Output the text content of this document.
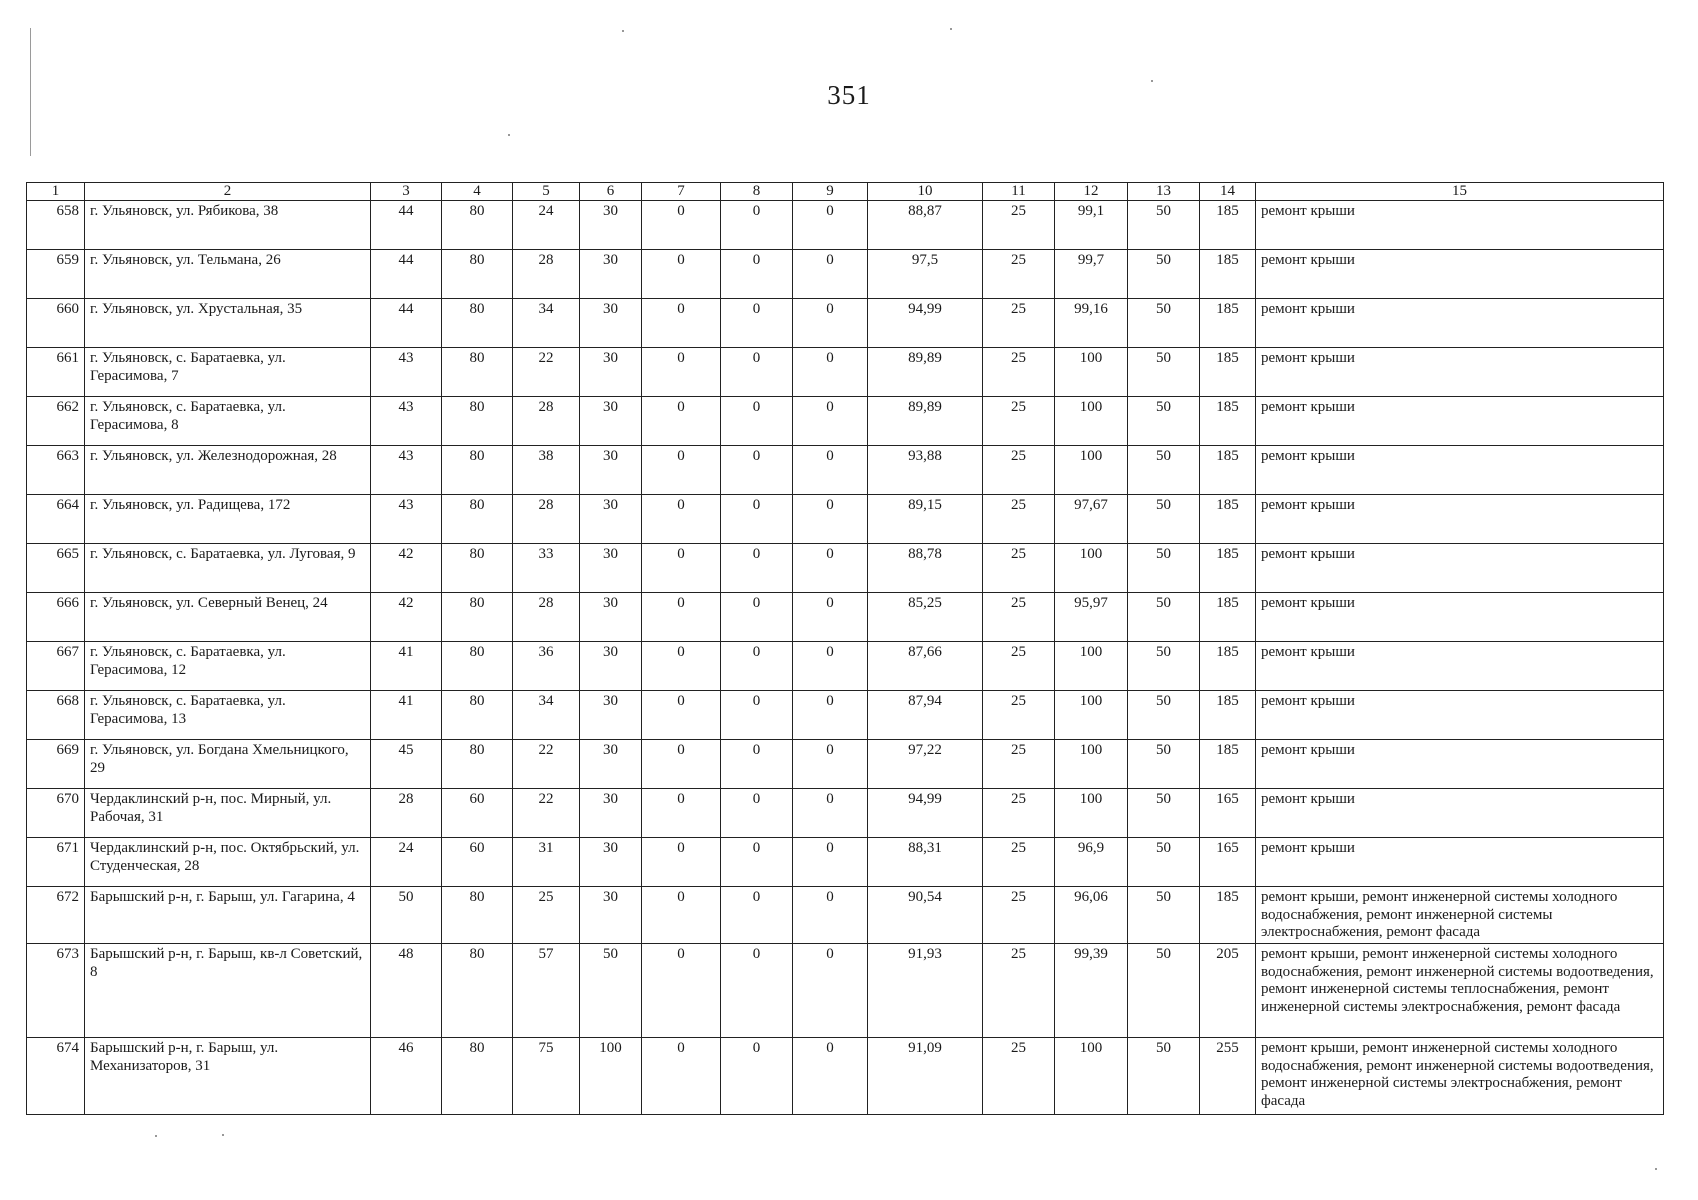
351
1	2	3	4	5	6	7	8	9	10	11	12	13	14	15
658	г. Ульяновск, ул. Рябикова, 38	44	80	24	30	0	0	0	88,87	25	99,1	50	185	ремонт крыши
659	г. Ульяновск, ул. Тельмана, 26	44	80	28	30	0	0	0	97,5	25	99,7	50	185	ремонт крыши
660	г. Ульяновск, ул. Хрустальная, 35	44	80	34	30	0	0	0	94,99	25	99,16	50	185	ремонт крыши
661	г. Ульяновск, с. Баратаевка, ул. Герасимова, 7	43	80	22	30	0	0	0	89,89	25	100	50	185	ремонт крыши
662	г. Ульяновск, с. Баратаевка, ул. Герасимова, 8	43	80	28	30	0	0	0	89,89	25	100	50	185	ремонт крыши
663	г. Ульяновск, ул. Железнодорожная, 28	43	80	38	30	0	0	0	93,88	25	100	50	185	ремонт крыши
664	г. Ульяновск, ул. Радищева, 172	43	80	28	30	0	0	0	89,15	25	97,67	50	185	ремонт крыши
665	г. Ульяновск, с. Баратаевка, ул. Луговая, 9	42	80	33	30	0	0	0	88,78	25	100	50	185	ремонт крыши
666	г. Ульяновск, ул. Северный Венец, 24	42	80	28	30	0	0	0	85,25	25	95,97	50	185	ремонт крыши
667	г. Ульяновск, с. Баратаевка, ул. Герасимова, 12	41	80	36	30	0	0	0	87,66	25	100	50	185	ремонт крыши
668	г. Ульяновск, с. Баратаевка, ул. Герасимова, 13	41	80	34	30	0	0	0	87,94	25	100	50	185	ремонт крыши
669	г. Ульяновск, ул. Богдана Хмельницкого, 29	45	80	22	30	0	0	0	97,22	25	100	50	185	ремонт крыши
670	Чердаклинский р-н, пос. Мирный, ул. Рабочая, 31	28	60	22	30	0	0	0	94,99	25	100	50	165	ремонт крыши
671	Чердаклинский р-н, пос. Октябрьский, ул. Студенческая, 28	24	60	31	30	0	0	0	88,31	25	96,9	50	165	ремонт крыши
672	Барышский р-н, г. Барыш, ул. Гагарина, 4	50	80	25	30	0	0	0	90,54	25	96,06	50	185	ремонт крыши, ремонт инженерной системы холодного водоснабжения, ремонт инженерной системы электроснабжения, ремонт фасада
673	Барышский р-н, г. Барыш, кв-л Советский, 8	48	80	57	50	0	0	0	91,93	25	99,39	50	205	ремонт крыши, ремонт инженерной системы холодного водоснабжения, ремонт инженерной системы водоотведения, ремонт инженерной системы теплоснабжения, ремонт инженерной системы электроснабжения, ремонт фасада
674	Барышский р-н, г. Барыш, ул. Механизаторов, 31	46	80	75	100	0	0	0	91,09	25	100	50	255	ремонт крыши, ремонт инженерной системы холодного водоснабжения, ремонт инженерной системы водоотведения, ремонт инженерной системы электроснабжения, ремонт фасада
